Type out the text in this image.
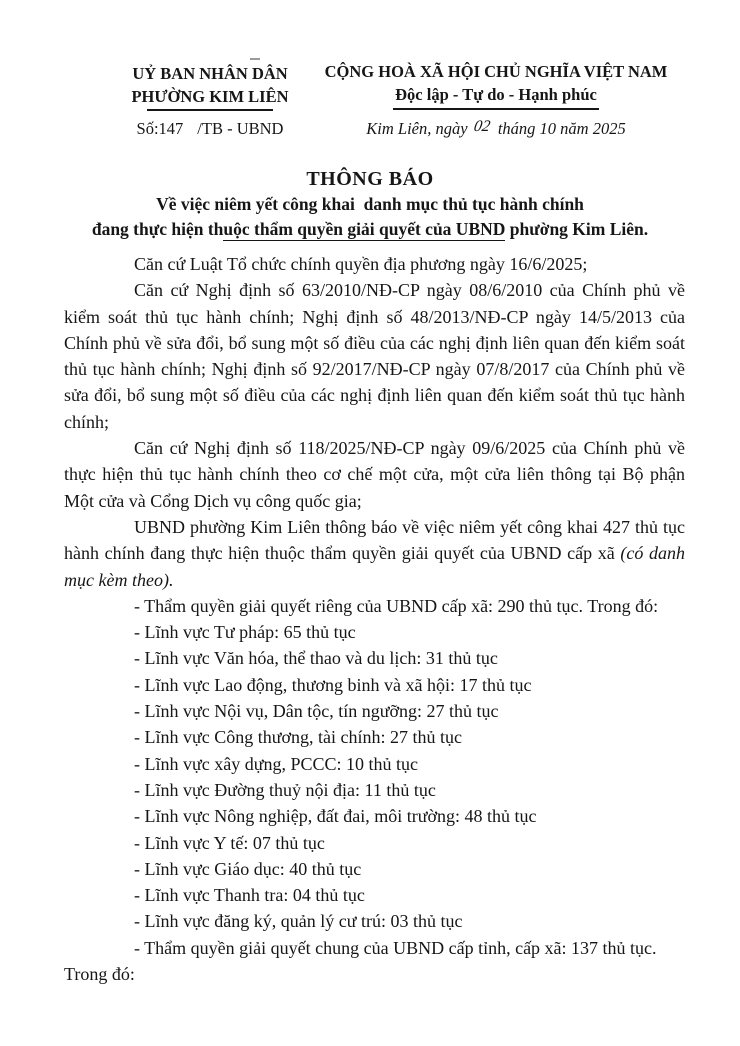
UỶ BAN NHÂN DÂN
PHƯỜNG KIM LIÊN
Số:147 /TB - UBND
CỘNG HOÀ XÃ HỘI CHỦ NGHĨA VIỆT NAM
Độc lập - Tự do - Hạnh phúc
Kim Liên, ngày 02 tháng 10 năm 2025
THÔNG BÁO
Về việc niêm yết công khai  danh mục thủ tục hành chính
đang thực hiện thuộc thẩm quyền giải quyết của UBND phường Kim Liên.

Căn cứ Luật Tổ chức chính quyền địa phương ngày 16/6/2025;

Căn cứ Nghị định số 63/2010/NĐ-CP ngày 08/6/2010 của Chính phủ về kiểm soát thủ tục hành chính; Nghị định số 48/2013/NĐ-CP ngày 14/5/2013 của Chính phủ về sửa đổi, bổ sung một số điều của các nghị định liên quan đến kiểm soát thủ tục hành chính; Nghị định số 92/2017/NĐ-CP ngày 07/8/2017 của Chính phủ về sửa đổi, bổ sung một số điều của các nghị định liên quan đến kiểm soát thủ tục hành chính;

Căn cứ Nghị định số 118/2025/NĐ-CP ngày 09/6/2025 của Chính phủ về thực hiện thủ tục hành chính theo cơ chế một cửa, một cửa liên thông tại Bộ phận Một cửa và Cổng Dịch vụ công quốc gia;

UBND phường Kim Liên thông báo về việc niêm yết công khai 427 thủ tục hành chính đang thực hiện thuộc thẩm quyền giải quyết của UBND cấp xã (có danh mục kèm theo).

- Thẩm quyền giải quyết riêng của UBND cấp xã: 290 thủ tục. Trong đó:

- Lĩnh vực Tư pháp: 65 thủ tục

- Lĩnh vực Văn hóa, thể thao và du lịch: 31 thủ tục

- Lĩnh vực Lao động, thương binh và xã hội: 17 thủ tục

- Lĩnh vực Nội vụ, Dân tộc, tín ngưỡng: 27 thủ tục

- Lĩnh vực Công thương, tài chính: 27 thủ tục

- Lĩnh vực xây dựng, PCCC: 10 thủ tục

- Lĩnh vực Đường thuỷ nội địa: 11 thủ tục

- Lĩnh vực Nông nghiệp, đất đai, môi trường: 48 thủ tục

- Lĩnh vực Y tế: 07 thủ tục

- Lĩnh vực Giáo dục: 40 thủ tục

- Lĩnh vực Thanh tra: 04 thủ tục

- Lĩnh vực đăng ký, quản lý cư trú: 03 thủ tục

- Thẩm quyền giải quyết chung của UBND cấp tỉnh, cấp xã: 137 thủ tục.

Trong đó:
